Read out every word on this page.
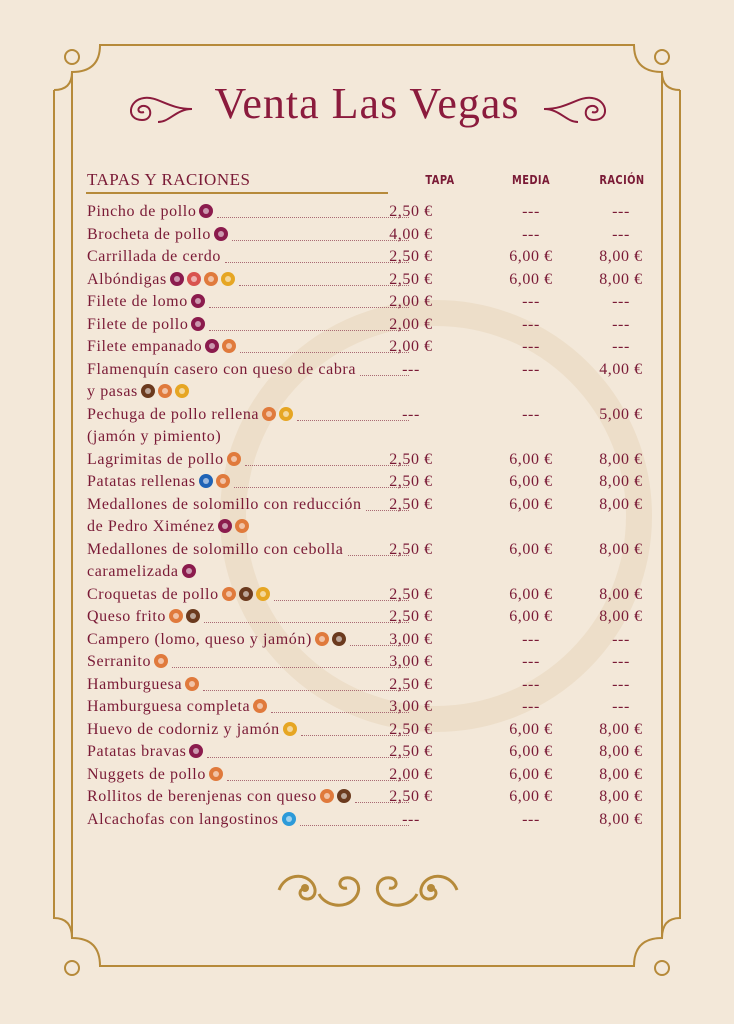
Venta Las Vegas
TAPAS Y RACIONES	TAPA	MEDIA	RACIÓN
Pincho de pollo	2,50 €	---	---
Brocheta de pollo	4,00 €	---	---
Carrillada de cerdo	2,50 €	6,00 €	8,00 €
Albóndigas	2,50 €	6,00 €	8,00 €
Filete de lomo	2,00 €	---	---
Filete de pollo	2,00 €	---	---
Filete empanado	2,00 €	---	---
Flamenquín casero con queso de cabra	---	---	4,00 €
y pasas
Pechuga de pollo rellena	---	---	5,00 €
(jamón y pimiento)
Lagrimitas de pollo	2,50 €	6,00 €	8,00 €
Patatas rellenas	2,50 €	6,00 €	8,00 €
Medallones de solomillo con reducción	2,50 €	6,00 €	8,00 €
de Pedro Ximénez
Medallones de solomillo con cebolla	2,50 €	6,00 €	8,00 €
caramelizada
Croquetas de pollo	2,50 €	6,00 €	8,00 €
Queso frito	2,50 €	6,00 €	8,00 €
Campero (lomo, queso y jamón)	3,00 €	---	---
Serranito	3,00 €	---	---
Hamburguesa	2,50 €	---	---
Hamburguesa completa	3,00 €	---	---
Huevo de codorniz y jamón	2,50 €	6,00 €	8,00 €
Patatas bravas	2,50 €	6,00 €	8,00 €
Nuggets de pollo	2,00 €	6,00 €	8,00 €
Rollitos de berenjenas con queso	2,50 €	6,00 €	8,00 €
Alcachofas con langostinos	---	---	8,00 €
